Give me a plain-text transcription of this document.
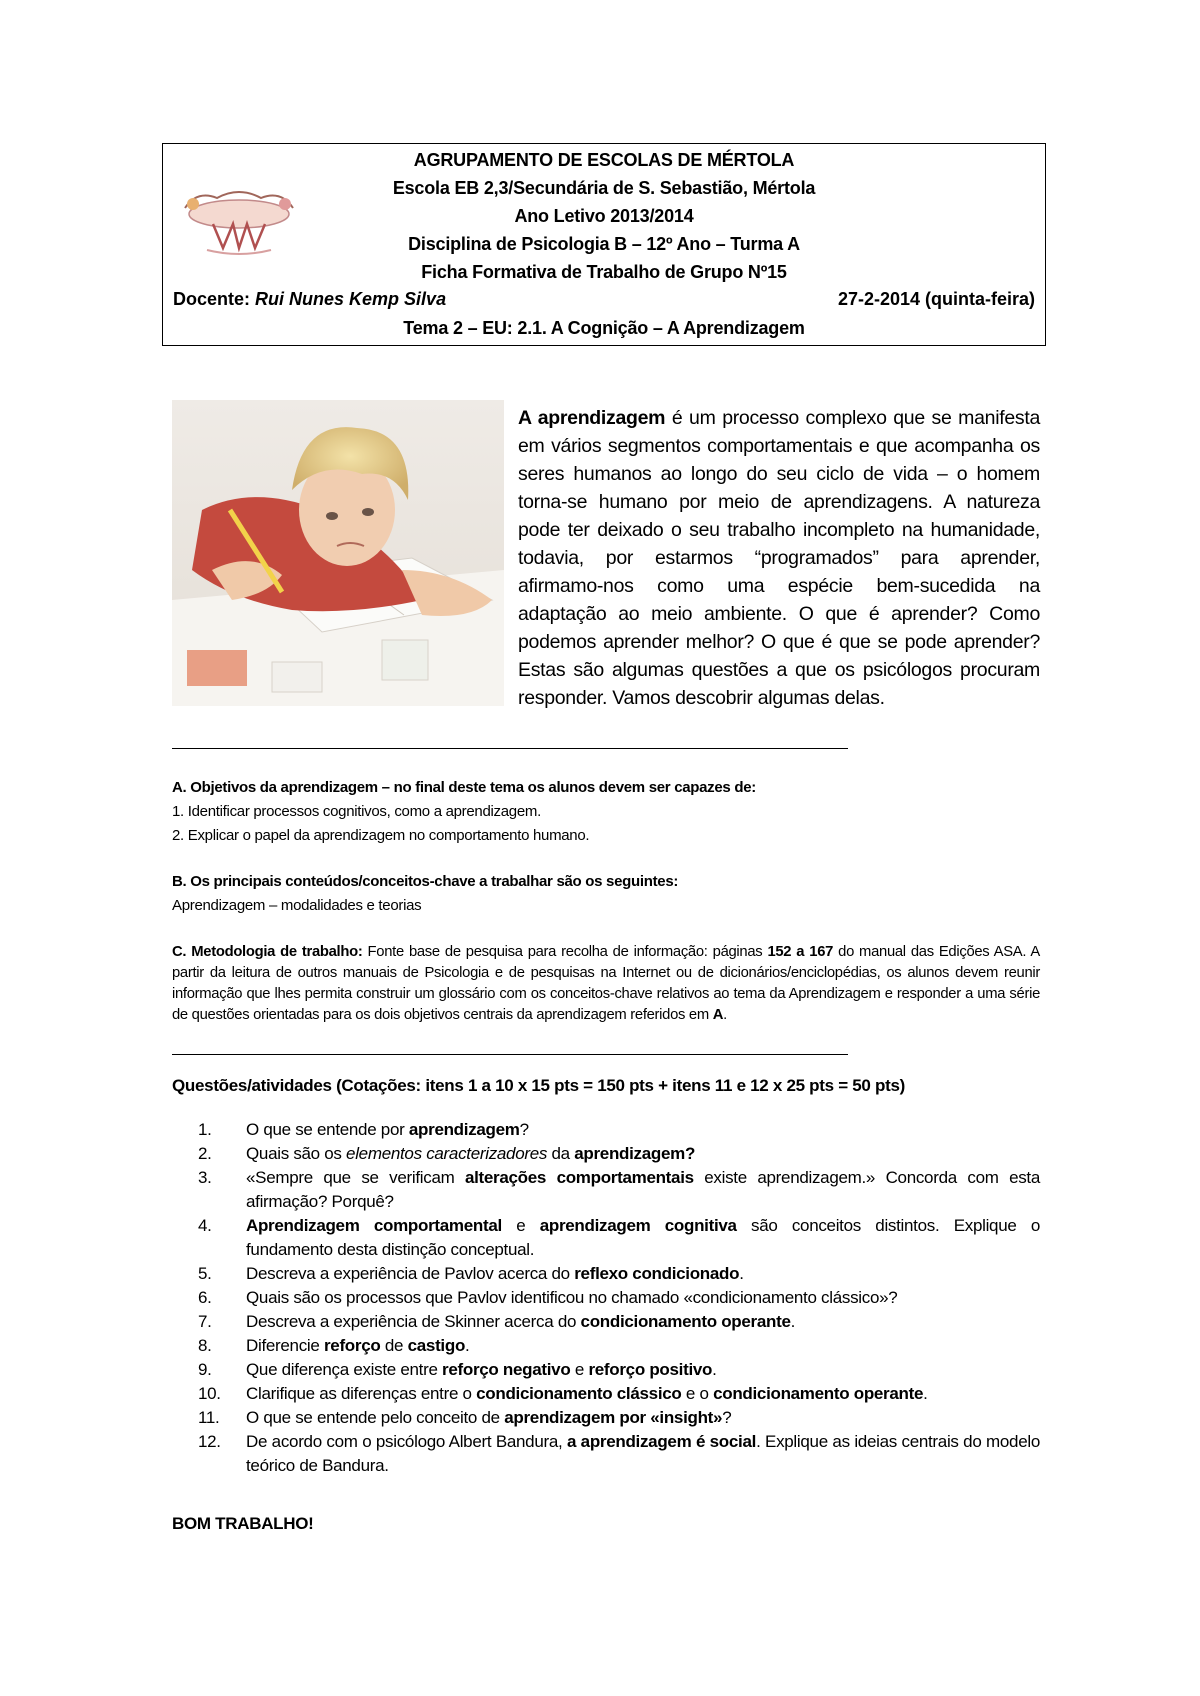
AGRUPAMENTO DE ESCOLAS DE MÉRTOLA
Escola EB 2,3/Secundária de S. Sebastião, Mértola
Ano Letivo 2013/2014
Disciplina de Psicologia B – 12º Ano – Turma A
Ficha Formativa de Trabalho de Grupo Nº15
Docente: Rui Nunes Kemp Silva	27-2-2014 (quinta-feira)
Tema 2 – EU: 2.1. A Cognição – A Aprendizagem
A aprendizagem é um processo complexo que se manifesta em vários segmentos comportamentais e que acompanha os seres humanos ao longo do seu ciclo de vida – o homem torna-se humano por meio de aprendizagens. A natureza pode ter deixado o seu trabalho incompleto na humanidade, todavia, por estarmos “programados” para aprender, afirmamo-nos como uma espécie bem-sucedida na adaptação ao meio ambiente. O que é aprender? Como podemos aprender melhor? O que é que se pode aprender? Estas são algumas questões a que os psicólogos procuram responder. Vamos descobrir algumas delas.
A. Objetivos da aprendizagem – no final deste tema os alunos devem ser capazes de:
1. Identificar processos cognitivos, como a aprendizagem.
2. Explicar o papel da aprendizagem no comportamento humano.
B. Os principais conteúdos/conceitos-chave a trabalhar são os seguintes:
Aprendizagem – modalidades e teorias
C. Metodologia de trabalho: Fonte base de pesquisa para recolha de informação: páginas 152 a 167 do manual das Edições ASA. A partir da leitura de outros manuais de Psicologia e de pesquisas na Internet ou de dicionários/enciclopédias, os alunos devem reunir informação que lhes permita construir um glossário com os conceitos-chave relativos ao tema da Aprendizagem e responder a uma série de questões orientadas para os dois objetivos centrais da aprendizagem referidos em A.
Questões/atividades (Cotações: itens 1 a 10 x 15 pts = 150 pts + itens 11 e 12 x 25 pts = 50 pts)
1.	O que se entende por aprendizagem?
2.	Quais são os elementos caracterizadores da aprendizagem?
3.	«Sempre que se verificam alterações comportamentais existe aprendizagem.» Concorda com esta afirmação? Porquê?
4.	Aprendizagem comportamental e aprendizagem cognitiva são conceitos distintos. Explique o fundamento desta distinção conceptual.
5.	Descreva a experiência de Pavlov acerca do reflexo condicionado.
6.	Quais são os processos que Pavlov identificou no chamado «condicionamento clássico»?
7.	Descreva a experiência de Skinner acerca do condicionamento operante.
8.	Diferencie reforço de castigo.
9.	Que diferença existe entre reforço negativo e reforço positivo.
10.	Clarifique as diferenças entre o condicionamento clássico e o condicionamento operante.
11.	O que se entende pelo conceito de aprendizagem por «insight»?
12.	De acordo com o psicólogo Albert Bandura, a aprendizagem é social. Explique as ideias centrais do modelo teórico de Bandura.
BOM TRABALHO!
